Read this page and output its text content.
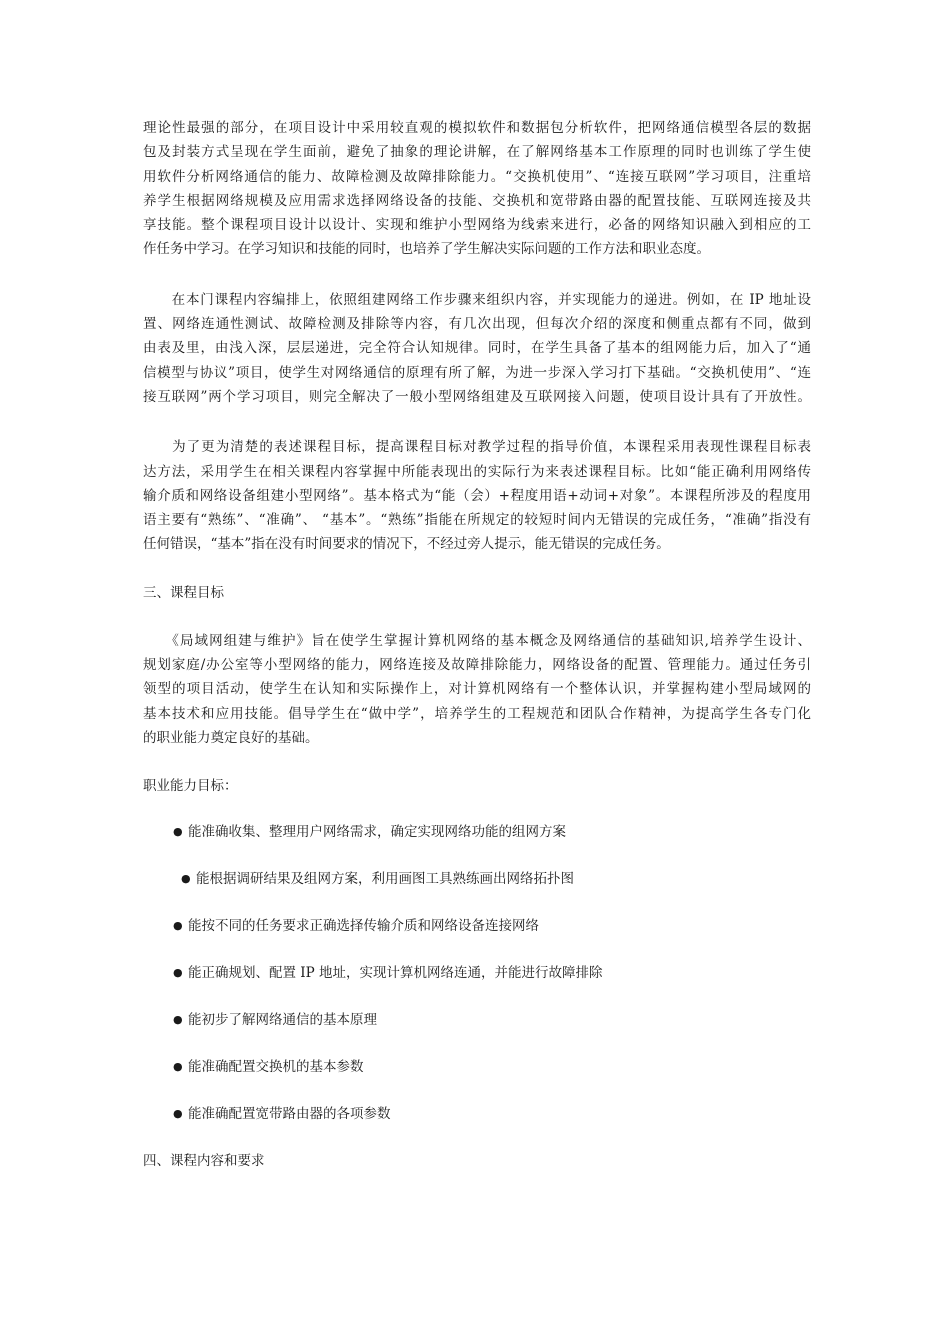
理论性最强的部分，在项目设计中采用较直观的模拟软件和数据包分析软件，把网络通信模型各层的数据
包及封装方式呈现在学生面前，避免了抽象的理论讲解，在了解网络基本工作原理的同时也训练了学生使
用软件分析网络通信的能力、故障检测及故障排除能力。“交换机使用”、“连接互联网”学习项目，注重培
养学生根据网络规模及应用需求选择网络设备的技能、交换机和宽带路由器的配置技能、互联网连接及共
享技能。整个课程项目设计以设计、实现和维护小型网络为线索来进行，必备的网络知识融入到相应的工
作任务中学习。在学习知识和技能的同时，也培养了学生解决实际问题的工作方法和职业态度。

　　在本门课程内容编排上，依照组建网络工作步骤来组织内容，并实现能力的递进。例如，在 IP 地址设
置、网络连通性测试、故障检测及排除等内容，有几次出现，但每次介绍的深度和侧重点都有不同，做到
由表及里，由浅入深，层层递进，完全符合认知规律。同时，在学生具备了基本的组网能力后，加入了“通
信模型与协议”项目，使学生对网络通信的原理有所了解，为进一步深入学习打下基础。“交换机使用”、“连
接互联网”两个学习项目，则完全解决了一般小型网络组建及互联网接入问题，使项目设计具有了开放性。

　　为了更为清楚的表述课程目标，提高课程目标对教学过程的指导价值，本课程采用表现性课程目标表
达方法，采用学生在相关课程内容掌握中所能表现出的实际行为来表述课程目标。比如“能正确利用网络传
输介质和网络设备组建小型网络”。基本格式为“能（会）+程度用语+动词+对象”。本课程所涉及的程度用
语主要有“熟练”、“准确”、 “基本”。“熟练”指能在所规定的较短时间内无错误的完成任务，“准确”指没有
任何错误，“基本”指在没有时间要求的情况下，不经过旁人提示，能无错误的完成任务。

三、课程目标

　　《局域网组建与维护》旨在使学生掌握计算机网络的基本概念及网络通信的基础知识,培养学生设计、
规划家庭/办公室等小型网络的能力，网络连接及故障排除能力，网络设备的配置、管理能力。通过任务引
领型的项目活动，使学生在认知和实际操作上，对计算机网络有一个整体认识，并掌握构建小型局域网的
基本技术和应用技能。倡导学生在“做中学”，培养学生的工程规范和团队合作精神，为提高学生各专门化
的职业能力奠定良好的基础。

职业能力目标：

● 能准确收集、整理用户网络需求，确定实现网络功能的组网方案
● 能根据调研结果及组网方案，利用画图工具熟练画出网络拓扑图
● 能按不同的任务要求正确选择传输介质和网络设备连接网络
● 能正确规划、配置 IP 地址，实现计算机网络连通，并能进行故障排除
● 能初步了解网络通信的基本原理
● 能准确配置交换机的基本参数
● 能准确配置宽带路由器的各项参数

四、课程内容和要求
